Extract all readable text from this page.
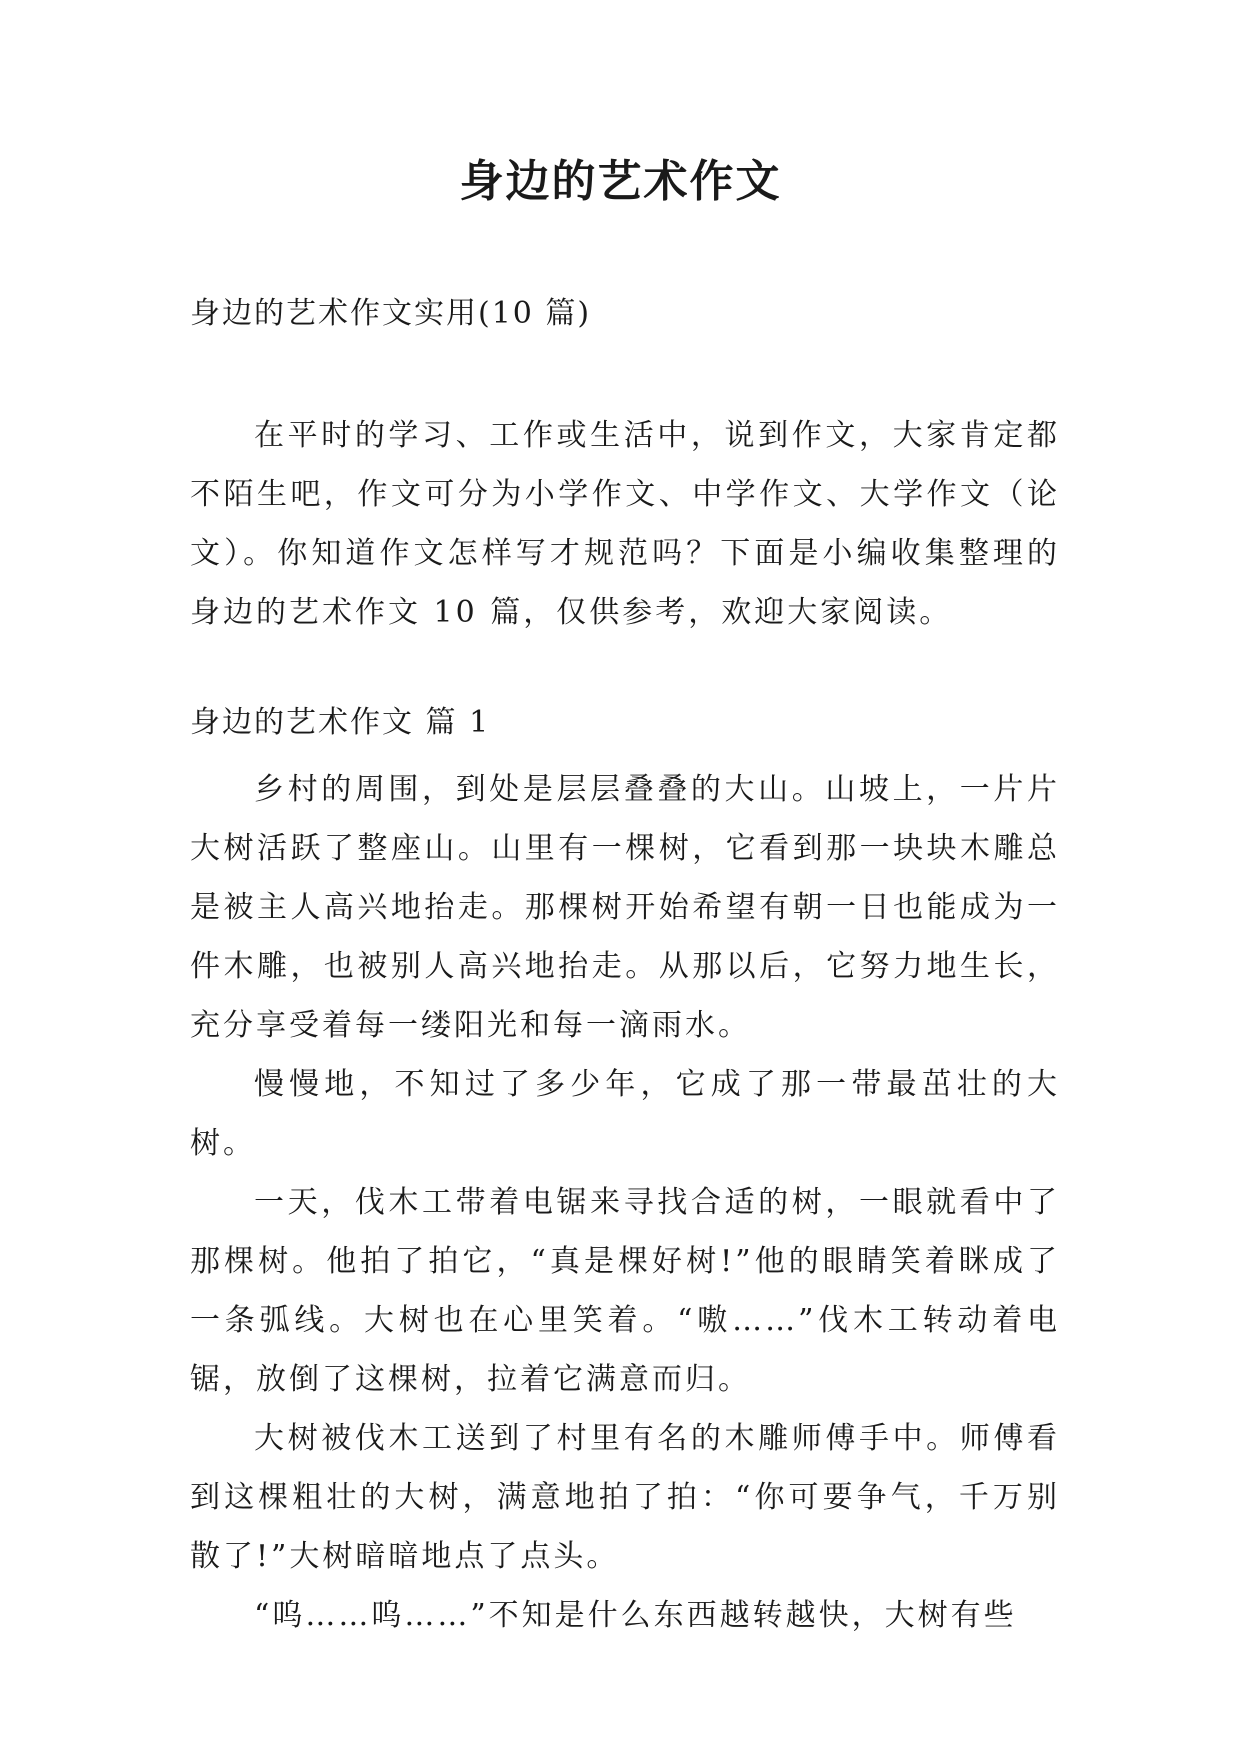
身边的艺术作文

身边的艺术作文实用(10 篇)

在平时的学习、工作或生活中，说到作文，大家肯定都不陌生吧，作文可分为小学作文、中学作文、大学作文（论文）。你知道作文怎样写才规范吗？下面是小编收集整理的身边的艺术作文 10 篇，仅供参考，欢迎大家阅读。

身边的艺术作文 篇 1

乡村的周围，到处是层层叠叠的大山。山坡上，一片片大树活跃了整座山。山里有一棵树，它看到那一块块木雕总是被主人高兴地抬走。那棵树开始希望有朝一日也能成为一件木雕，也被别人高兴地抬走。从那以后，它努力地生长，充分享受着每一缕阳光和每一滴雨水。

慢慢地，不知过了多少年，它成了那一带最茁壮的大树。

一天，伐木工带着电锯来寻找合适的树，一眼就看中了那棵树。他拍了拍它，“真是棵好树!”他的眼睛笑着眯成了一条弧线。大树也在心里笑着。“嗷……”伐木工转动着电锯，放倒了这棵树，拉着它满意而归。

大树被伐木工送到了村里有名的木雕师傅手中。师傅看到这棵粗壮的大树，满意地拍了拍：“你可要争气，千万别散了!”大树暗暗地点了点头。

“呜……呜……”不知是什么东西越转越快，大树有些
